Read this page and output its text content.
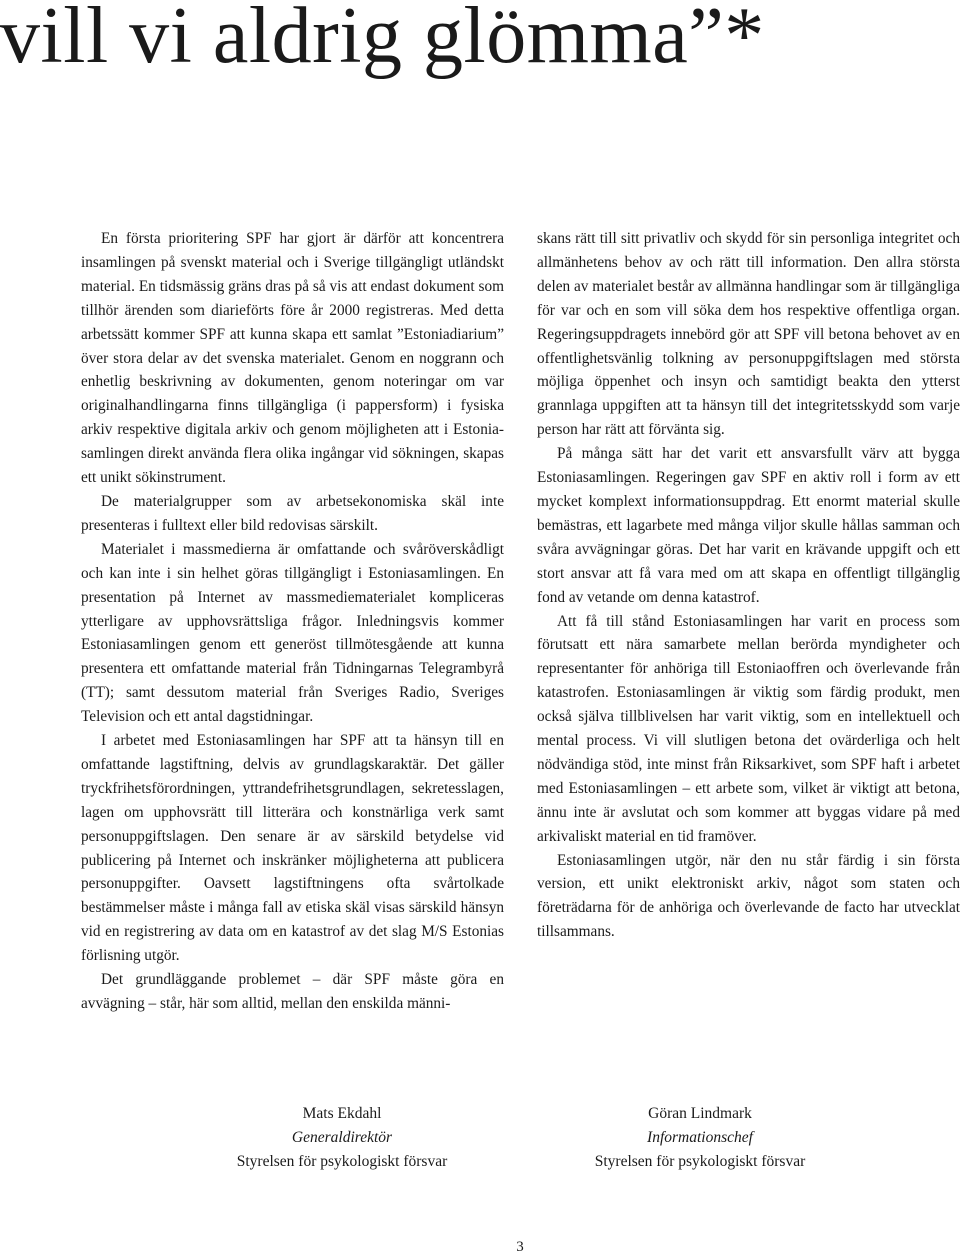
vill vi aldrig glömma”*

En första prioritering SPF har gjort är därför att koncentrera insamlingen på svenskt material och i Sverige tillgängligt utländskt material. En tidsmässig gräns dras på så vis att endast dokument som tillhör ärenden som diarieförts före år 2000 registreras. Med detta arbetssätt kommer SPF att kunna skapa ett samlat ”Estoniadiarium” över stora delar av det svenska materialet. Genom en noggrann och enhetlig beskrivning av dokumenten, genom noteringar om var originalhandlingarna finns tillgängliga (i pappersform) i fysiska arkiv respektive digitala arkiv och genom möjligheten att i Estoniasamlingen direkt använda flera olika ingångar vid sökningen, skapas ett unikt sökinstrument.

De materialgrupper som av arbetsekonomiska skäl inte presenteras i fulltext eller bild redovisas särskilt.

Materialet i massmedierna är omfattande och svåröverskådligt och kan inte i sin helhet göras tillgängligt i Estoniasamlingen. En presentation på Internet av massmediematerialet kompliceras ytterligare av upphovsrättsliga frågor. Inledningsvis kommer Estoniasamlingen genom ett generöst tillmötesgående att kunna presentera ett omfattande material från Tidningarnas Telegrambyrå (TT); samt dessutom material från Sveriges Radio, Sveriges Television och ett antal dagstidningar.

I arbetet med Estoniasamlingen har SPF att ta hänsyn till en omfattande lagstiftning, delvis av grundlagskaraktär. Det gäller tryckfrihetsförordningen, yttrandefrihetsgrundlagen, sekretesslagen, lagen om upphovsrätt till litterära och konstnärliga verk samt personuppgiftslagen. Den senare är av särskild betydelse vid publicering på Internet och inskränker möjligheterna att publicera personuppgifter. Oavsett lagstiftningens ofta svårtolkade bestämmelser måste i många fall av etiska skäl visas särskild hänsyn vid en registrering av data om en katastrof av det slag M/S Estonias förlisning utgör.

Det grundläggande problemet – där SPF måste göra en avvägning – står, här som alltid, mellan den enskilda männi-

skans rätt till sitt privatliv och skydd för sin personliga integritet och allmänhetens behov av och rätt till information. Den allra största delen av materialet består av allmänna handlingar som är tillgängliga för var och en som vill söka dem hos respektive offentliga organ. Regeringsuppdragets innebörd gör att SPF vill betona behovet av en offentlighetsvänlig tolkning av personuppgiftslagen med största möjliga öppenhet och insyn och samtidigt beakta den ytterst grannlaga uppgiften att ta hänsyn till det integritetsskydd som varje person har rätt att förvänta sig.

På många sätt har det varit ett ansvarsfullt värv att bygga Estoniasamlingen. Regeringen gav SPF en aktiv roll i form av ett mycket komplext informationsuppdrag. Ett enormt material skulle bemästras, ett lagarbete med många viljor skulle hållas samman och svåra avvägningar göras. Det har varit en krävande uppgift och ett stort ansvar att få vara med om att skapa en offentligt tillgänglig fond av vetande om denna katastrof.

Att få till stånd Estoniasamlingen har varit en process som förutsatt ett nära samarbete mellan berörda myndigheter och representanter för anhöriga till Estoniaoffren och överlevande från katastrofen. Estoniasamlingen är viktig som färdig produkt, men också själva tillblivelsen har varit viktig, som en intellektuell och mental process. Vi vill slutligen betona det ovärderliga och helt nödvändiga stöd, inte minst från Riksarkivet, som SPF haft i arbetet med Estoniasamlingen – ett arbete som, vilket är viktigt att betona, ännu inte är avslutat och som kommer att byggas vidare på med arkivaliskt material en tid framöver.

Estoniasamlingen utgör, när den nu står färdig i sin första version, ett unikt elektroniskt arkiv, något som staten och företrädarna för de anhöriga och överlevande de facto har utvecklat tillsammans.

Mats Ekdahl
Generaldirektör
Styrelsen för psykologiskt försvar
Göran Lindmark
Informationschef
Styrelsen för psykologiskt försvar
3
